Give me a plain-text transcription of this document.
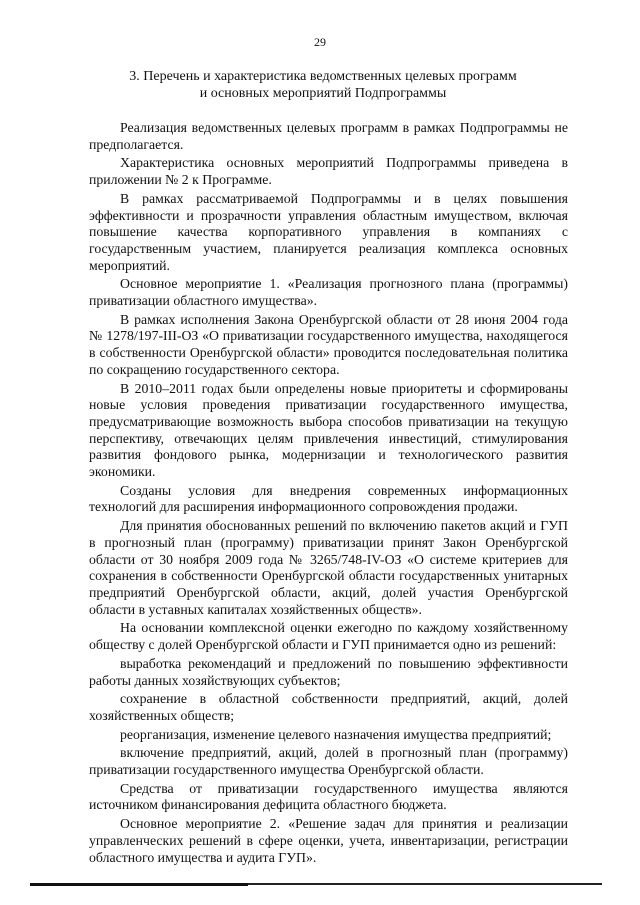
29
3. Перечень и характеристика ведомственных целевых программ
и основных мероприятий Подпрограммы

Реализация ведомственных целевых программ в рамках Подпрограммы не предполагается.

Характеристика основных мероприятий Подпрограммы приведена в приложении № 2 к Программе.

В рамках рассматриваемой Подпрограммы и в целях повышения эффективности и прозрачности управления областным имуществом, включая повышение качества корпоративного управления в компаниях с государственным участием, планируется реализация комплекса основных мероприятий.

Основное мероприятие 1. «Реализация прогнозного плана (программы) приватизации областного имущества».

В рамках исполнения Закона Оренбургской области от 28 июня 2004 года № 1278/197-III-ОЗ «О приватизации государственного имущества, находящегося в собственности Оренбургской области» проводится последовательная политика по сокращению государственного сектора.

В 2010–2011 годах были определены новые приоритеты и сформированы новые условия проведения приватизации государственного имущества, предусматривающие возможность выбора способов приватизации на текущую перспективу, отвечающих целям привлечения инвестиций, стимулирования развития фондового рынка, модернизации и технологического развития экономики.

Созданы условия для внедрения современных информационных технологий для расширения информационного сопровождения продажи.

Для принятия обоснованных решений по включению пакетов акций и ГУП в прогнозный план (программу) приватизации принят Закон Оренбургской области от 30 ноября 2009 года № 3265/748-IV-ОЗ «О системе критериев для сохранения в собственности Оренбургской области государственных унитарных предприятий Оренбургской области, акций, долей участия Оренбургской области в уставных капиталах хозяйственных обществ».

На основании комплексной оценки ежегодно по каждому хозяйственному обществу с долей Оренбургской области и ГУП принимается одно из решений:

выработка рекомендаций и предложений по повышению эффективности работы данных хозяйствующих субъектов;

сохранение в областной собственности предприятий, акций, долей хозяйственных обществ;

реорганизация, изменение целевого назначения имущества предприятий;

включение предприятий, акций, долей в прогнозный план (программу) приватизации государственного имущества Оренбургской области.

Средства от приватизации государственного имущества являются источником финансирования дефицита областного бюджета.

Основное мероприятие 2. «Решение задач для принятия и реализации управленческих решений в сфере оценки, учета, инвентаризации, регистрации областного имущества и аудита ГУП».
